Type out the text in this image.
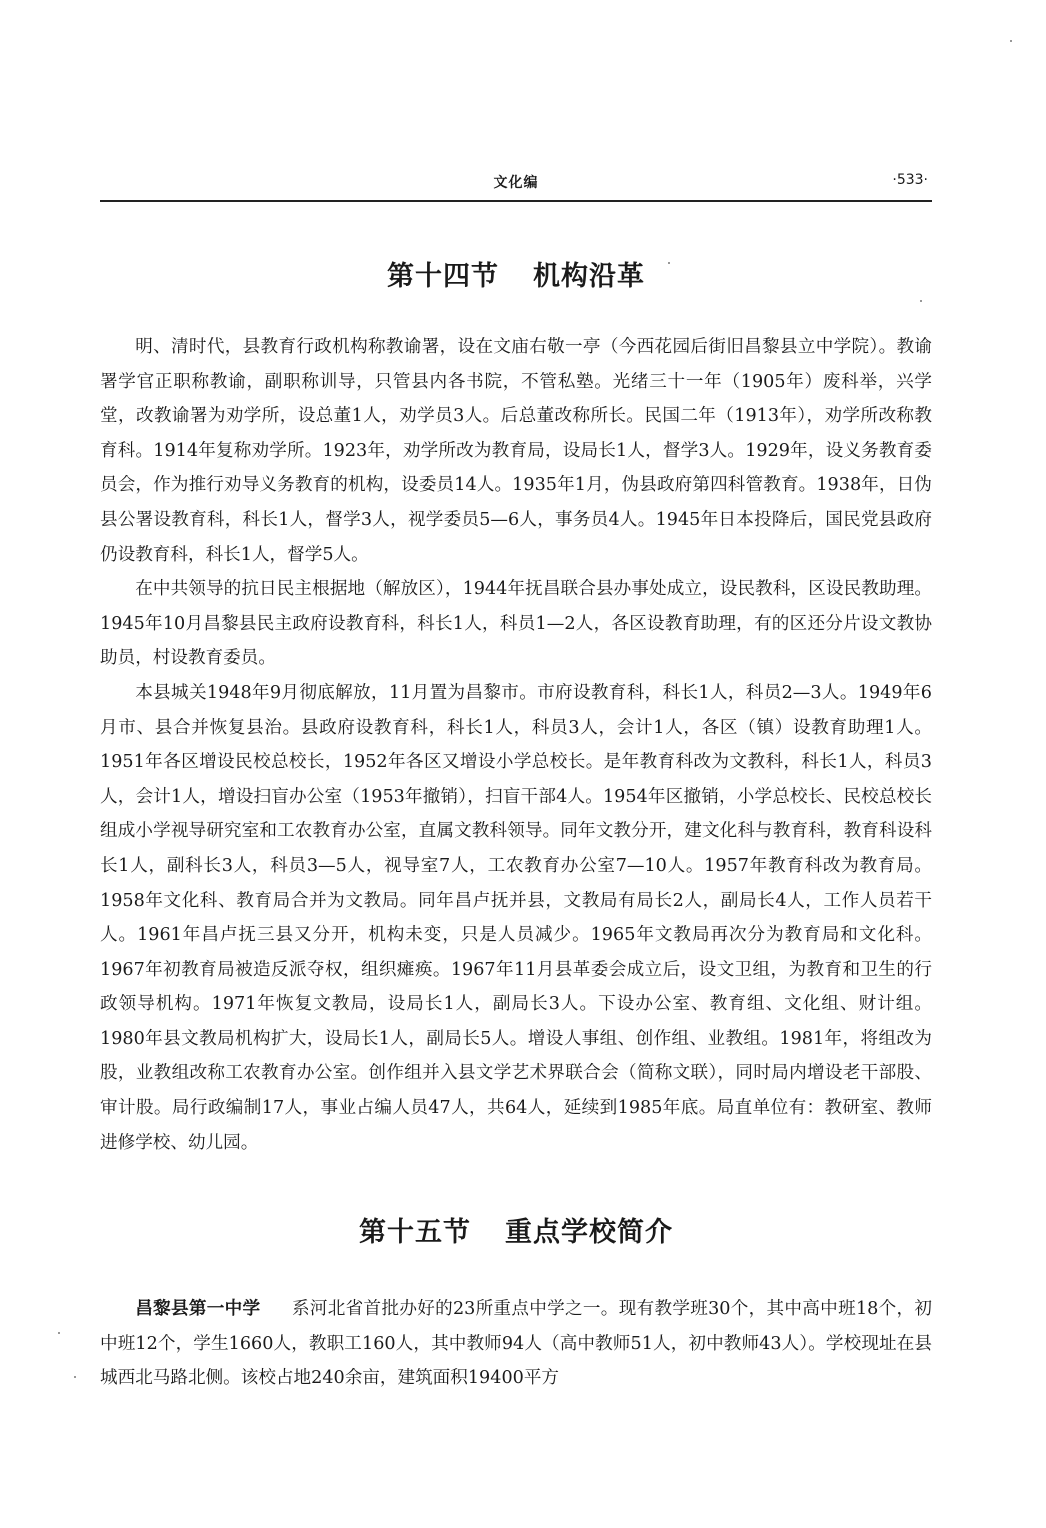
文化编	·533·
第十四节 机构沿革

明、清时代，县教育行政机构称教谕署，设在文庙右敬一亭（今西花园后街旧昌黎县立中学院）。教谕署学官正职称教谕，副职称训导，只管县内各书院，不管私塾。光绪三十一年（1905年）废科举，兴学堂，改教谕署为劝学所，设总董1人，劝学员3人。后总董改称所长。民国二年（1913年），劝学所改称教育科。1914年复称劝学所。1923年，劝学所改为教育局，设局长1人，督学3人。1929年，设义务教育委员会，作为推行劝导义务教育的机构，设委员14人。1935年1月，伪县政府第四科管教育。1938年，日伪县公署设教育科，科长1人，督学3人，视学委员5—6人，事务员4人。1945年日本投降后，国民党县政府仍设教育科，科长1人，督学5人。

在中共领导的抗日民主根据地（解放区），1944年抚昌联合县办事处成立，设民教科，区设民教助理。1945年10月昌黎县民主政府设教育科，科长1人，科员1—2人，各区设教育助理，有的区还分片设文教协助员，村设教育委员。

本县城关1948年9月彻底解放，11月置为昌黎市。市府设教育科，科长1人，科员2—3人。1949年6月市、县合并恢复县治。县政府设教育科，科长1人，科员3人，会计1人，各区（镇）设教育助理1人。1951年各区增设民校总校长，1952年各区又增设小学总校长。是年教育科改为文教科，科长1人，科员3人，会计1人，增设扫盲办公室（1953年撤销），扫盲干部4人。1954年区撤销，小学总校长、民校总校长组成小学视导研究室和工农教育办公室，直属文教科领导。同年文教分开，建文化科与教育科，教育科设科长1人，副科长3人，科员3—5人，视导室7人，工农教育办公室7—10人。1957年教育科改为教育局。1958年文化科、教育局合并为文教局。同年昌卢抚并县，文教局有局长2人，副局长4人，工作人员若干人。1961年昌卢抚三县又分开，机构未变，只是人员减少。1965年文教局再次分为教育局和文化科。1967年初教育局被造反派夺权，组织瘫痪。1967年11月县革委会成立后，设文卫组，为教育和卫生的行政领导机构。1971年恢复文教局，设局长1人，副局长3人。下设办公室、教育组、文化组、财计组。1980年县文教局机构扩大，设局长1人，副局长5人。增设人事组、创作组、业教组。1981年，将组改为股，业教组改称工农教育办公室。创作组并入县文学艺术界联合会（简称文联），同时局内增设老干部股、审计股。局行政编制17人，事业占编人员47人，共64人，延续到1985年底。局直单位有：教研室、教师进修学校、幼儿园。

第十五节 重点学校简介

昌黎县第一中学 系河北省首批办好的23所重点中学之一。现有教学班30个，其中高中班18个，初中班12个，学生1660人，教职工160人，其中教师94人（高中教师51人，初中教师43人）。学校现址在县城西北马路北侧。该校占地240余亩，建筑面积19400平方
